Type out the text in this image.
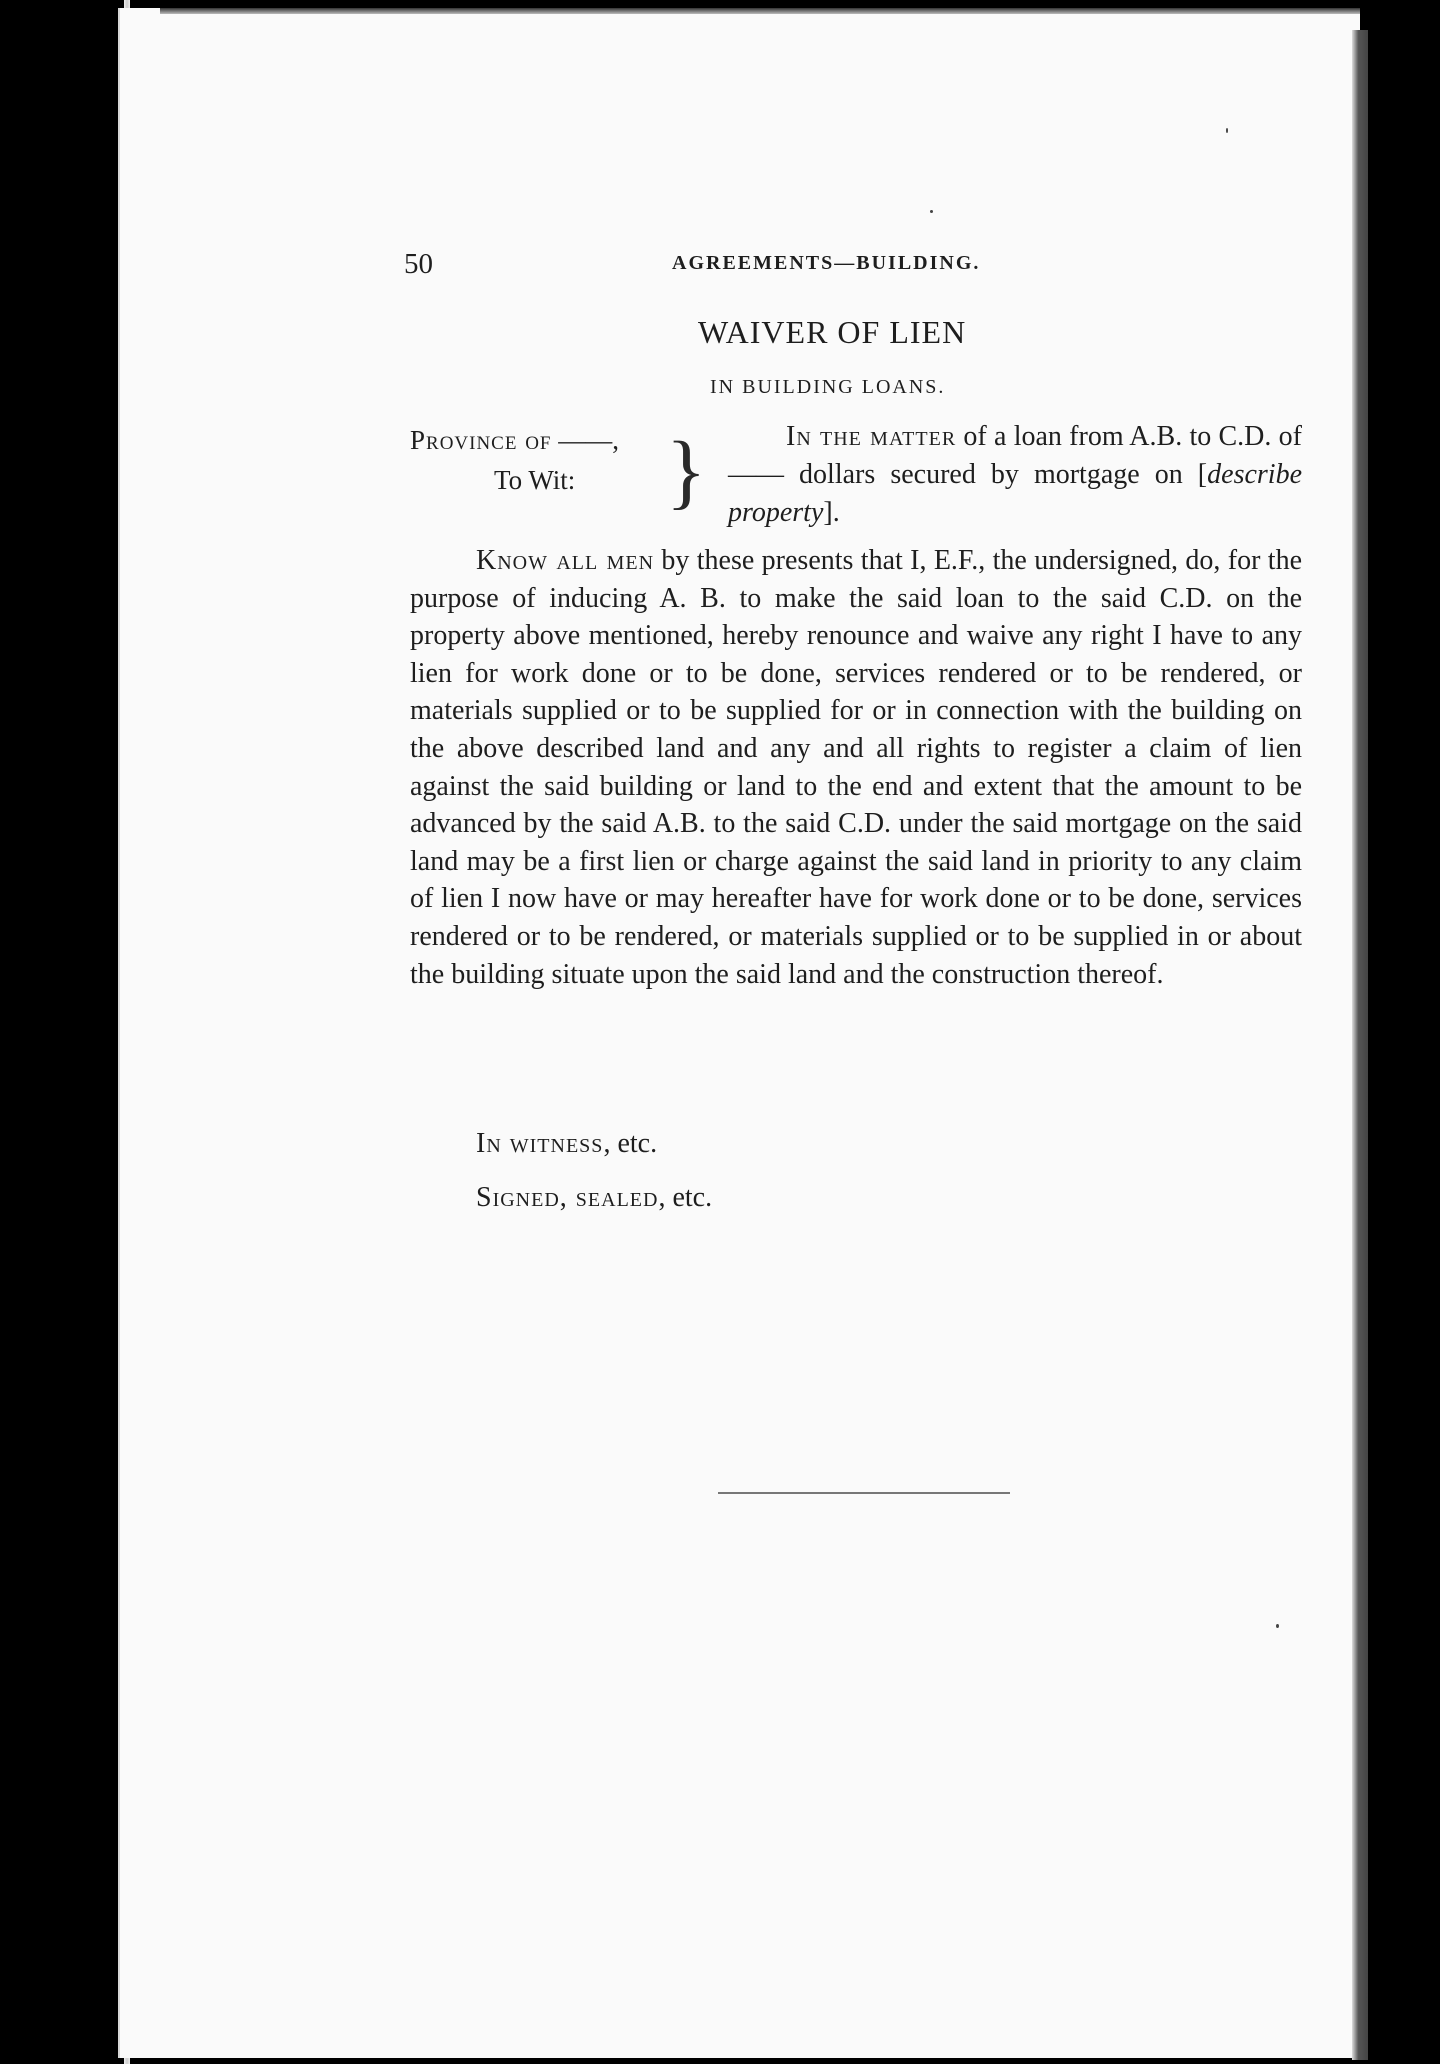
50	AGREEMENTS—BUILDING.
WAIVER OF LIEN
IN BUILDING LOANS.
Province of ——,
To Wit:	}	In the matter of a loan from A.B. to C.D. of —— dollars secured by mortgage on [describe property].
Know all men by these presents that I, E.F., the undersigned, do, for the purpose of inducing A. B. to make the said loan to the said C.D. on the property above mentioned, hereby renounce and waive any right I have to any lien for work done or to be done, services rendered or to be rendered, or materials supplied or to be supplied for or in connection with the building on the above described land and any and all rights to register a claim of lien against the said building or land to the end and extent that the amount to be advanced by the said A.B. to the said C.D. under the said mortgage on the said land may be a first lien or charge against the said land in priority to any claim of lien I now have or may hereafter have for work done or to be done, services rendered or to be rendered, or materials supplied or to be supplied in or about the building situate upon the said land and the construction thereof.
In witness, etc.
Signed, sealed, etc.
